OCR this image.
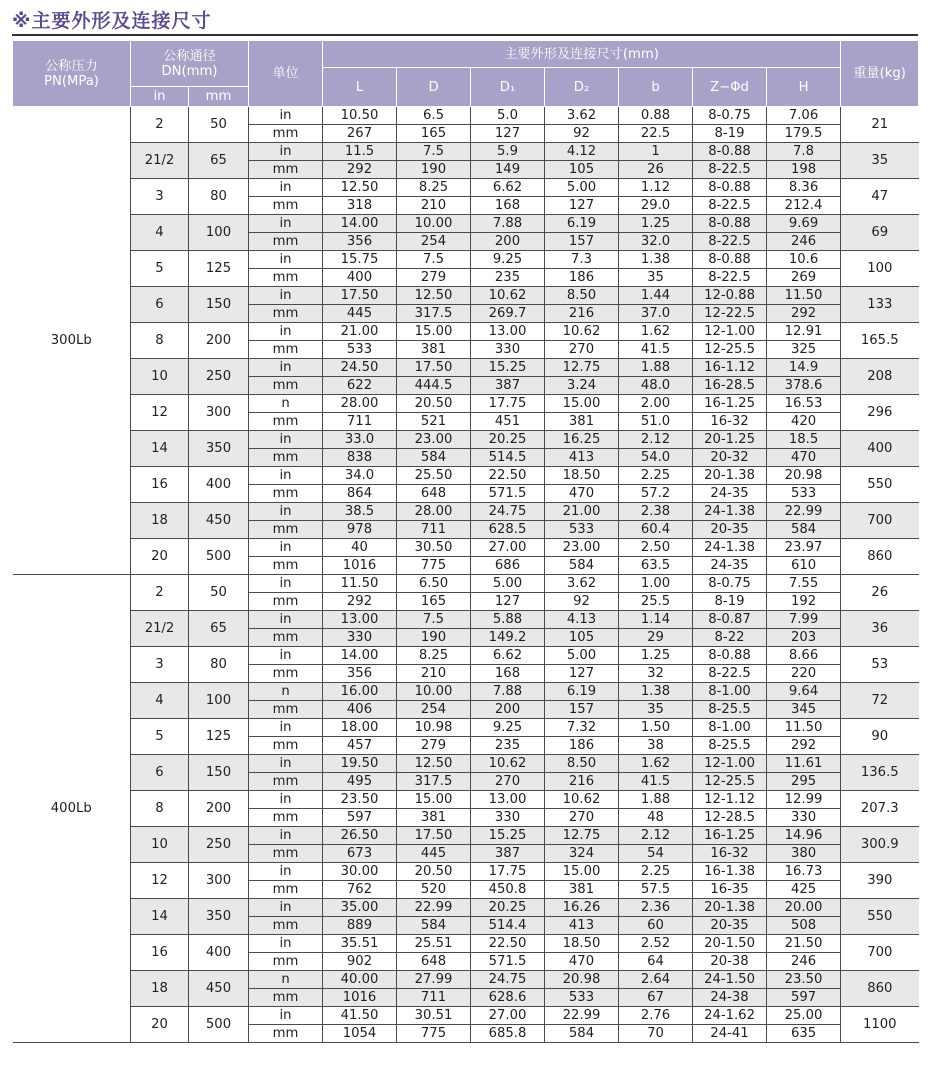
※主要外形及连接尺寸
公称压力
PN(MPa)	公称通径
DN(mm)		单位	主要外形及连接尺寸(mm)							重量(kg)
				L	D	D₁	D₂	b	Z−Φd	H	
	in	mm									
300Lb	2	50	in	10.50	6.5	5.0	3.62	0.88	8-0.75	7.06	21
			mm	267	165	127	92	22.5	8-19	179.5	
	21/2	65	in	11.5	7.5	5.9	4.12	1	8-0.88	7.8	35
			mm	292	190	149	105	26	8-22.5	198	
	3	80	in	12.50	8.25	6.62	5.00	1.12	8-0.88	8.36	47
			mm	318	210	168	127	29.0	8-22.5	212.4	
	4	100	in	14.00	10.00	7.88	6.19	1.25	8-0.88	9.69	69
			mm	356	254	200	157	32.0	8-22.5	246	
	5	125	in	15.75	7.5	9.25	7.3	1.38	8-0.88	10.6	100
			mm	400	279	235	186	35	8-22.5	269	
	6	150	in	17.50	12.50	10.62	8.50	1.44	12-0.88	11.50	133
			mm	445	317.5	269.7	216	37.0	12-22.5	292	
	8	200	in	21.00	15.00	13.00	10.62	1.62	12-1.00	12.91	165.5
			mm	533	381	330	270	41.5	12-25.5	325	
	10	250	in	24.50	17.50	15.25	12.75	1.88	16-1.12	14.9	208
			mm	622	444.5	387	3.24	48.0	16-28.5	378.6	
	12	300	n	28.00	20.50	17.75	15.00	2.00	16-1.25	16.53	296
			mm	711	521	451	381	51.0	16-32	420	
	14	350	in	33.0	23.00	20.25	16.25	2.12	20-1.25	18.5	400
			mm	838	584	514.5	413	54.0	20-32	470	
	16	400	in	34.0	25.50	22.50	18.50	2.25	20-1.38	20.98	550
			mm	864	648	571.5	470	57.2	24-35	533	
	18	450	in	38.5	28.00	24.75	21.00	2.38	24-1.38	22.99	700
			mm	978	711	628.5	533	60.4	20-35	584	
	20	500	in	40	30.50	27.00	23.00	2.50	24-1.38	23.97	860
			mm	1016	775	686	584	63.5	24-35	610	
400Lb	2	50	in	11.50	6.50	5.00	3.62	1.00	8-0.75	7.55	26
			mm	292	165	127	92	25.5	8-19	192	
	21/2	65	in	13.00	7.5	5.88	4.13	1.14	8-0.87	7.99	36
			mm	330	190	149.2	105	29	8-22	203	
	3	80	in	14.00	8.25	6.62	5.00	1.25	8-0.88	8.66	53
			mm	356	210	168	127	32	8-22.5	220	
	4	100	n	16.00	10.00	7.88	6.19	1.38	8-1.00	9.64	72
			mm	406	254	200	157	35	8-25.5	345	
	5	125	in	18.00	10.98	9.25	7.32	1.50	8-1.00	11.50	90
			mm	457	279	235	186	38	8-25.5	292	
	6	150	in	19.50	12.50	10.62	8.50	1.62	12-1.00	11.61	136.5
			mm	495	317.5	270	216	41.5	12-25.5	295	
	8	200	in	23.50	15.00	13.00	10.62	1.88	12-1.12	12.99	207.3
			mm	597	381	330	270	48	12-28.5	330	
	10	250	in	26.50	17.50	15.25	12.75	2.12	16-1.25	14.96	300.9
			mm	673	445	387	324	54	16-32	380	
	12	300	in	30.00	20.50	17.75	15.00	2.25	16-1.38	16.73	390
			mm	762	520	450.8	381	57.5	16-35	425	
	14	350	in	35.00	22.99	20.25	16.26	2.36	20-1.38	20.00	550
			mm	889	584	514.4	413	60	20-35	508	
	16	400	in	35.51	25.51	22.50	18.50	2.52	20-1.50	21.50	700
			mm	902	648	571.5	470	64	20-38	246	
	18	450	n	40.00	27.99	24.75	20.98	2.64	24-1.50	23.50	860
			mm	1016	711	628.6	533	67	24-38	597	
	20	500	in	41.50	30.51	27.00	22.99	2.76	24-1.62	25.00	1100
			mm	1054	775	685.8	584	70	24-41	635	
